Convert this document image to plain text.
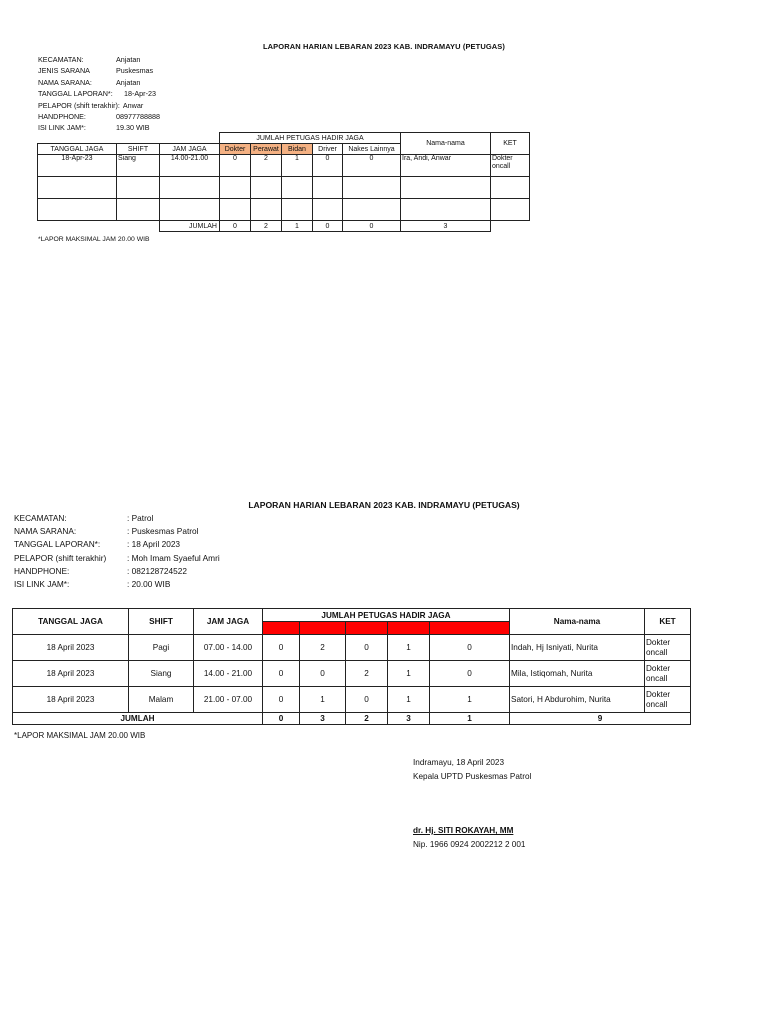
LAPORAN HARIAN LEBARAN 2023 KAB. INDRAMAYU (PETUGAS)
KECAMATAN:	Anjatan
JENIS SARANA	Puskesmas
NAMA SARANA:	Anjatan
TANGGAL LAPORAN*:	18-Apr-23
PELAPOR (shift terakhir): Anwar
HANDPHONE:	08977788888
ISI LINK JAM*:	19.30 WIB
			JUMLAH PETUGAS HADIR JAGA					Nama-nama	KET
TANGGAL JAGA	SHIFT	JAM JAGA	Dokter	Perawat	Bidan	Driver	Nakes Lainnya		
18-Apr-23	Siang	14.00-21.00	0	2	1	0	0	Ira, Andi, Anwar	Dokter oncall

		JUMLAH	0	2	1	0	0	3	
*LAPOR MAKSIMAL JAM 20.00 WIB
LAPORAN HARIAN LEBARAN 2023 KAB. INDRAMAYU (PETUGAS)
KECAMATAN:	: Patrol
NAMA SARANA:	: Puskesmas Patrol
TANGGAL LAPORAN*:	: 18 April 2023
PELAPOR (shift terakhir)	: Moh Imam Syaeful Amri
HANDPHONE:	: 082128724522
ISI LINK JAM*:	: 20.00 WIB
TANGGAL JAGA	SHIFT	JAM JAGA	JUMLAH PETUGAS HADIR JAGA					Nama-nama	KET
			Dokter	Perawat	Bidan	Driver	Nakes Lainnya		
18 April 2023	Pagi	07.00 - 14.00	0	2	0	1	0	Indah, Hj Isniyati, Nurita	Dokter oncall
18 April 2023	Siang	14.00 - 21.00	0	0	2	1	0	Mila, Istiqomah, Nurita	Dokter oncall
18 April 2023	Malam	21.00 - 07.00	0	1	0	1	1	Satori, H Abdurohim, Nurita	Dokter oncall
JUMLAH			0	3	2	3	1	9	
*LAPOR MAKSIMAL JAM 20.00 WIB
Indramayu, 18 April 2023
Kepala UPTD Puskesmas Patrol
dr. Hj. SITI ROKAYAH, MM
Nip. 1966 0924 2002212 2 001
